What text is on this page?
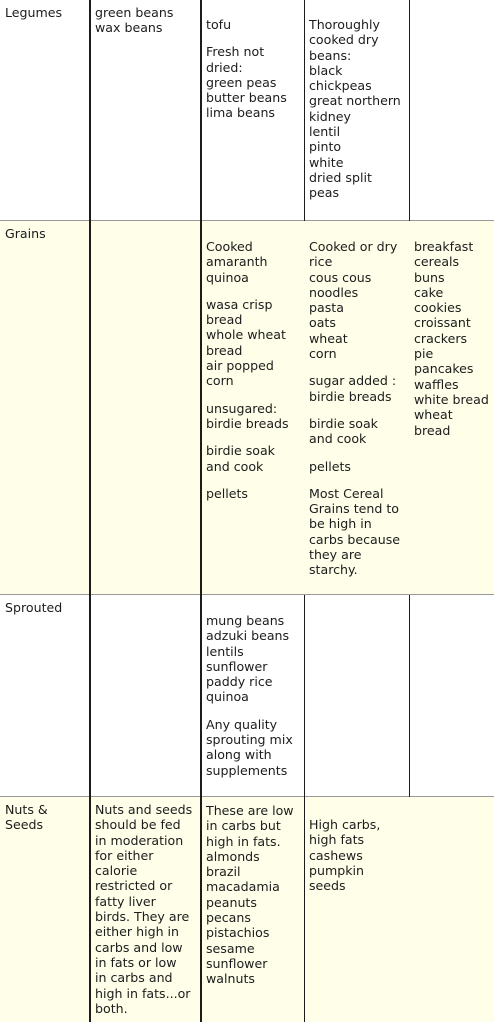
Legumes	green beans
wax beans	tofu
Fresh not
dried:
green peas
butter beans
lima beans
Thoroughly
cooked dry
beans:
black
chickpeas
great northern
kidney
lentil
pinto
white
dried split
peas
Grains
Cooked
amaranth
quinoa
wasa crisp
bread
whole wheat
bread
air popped
corn
unsugared:
birdie breads
birdie soak
and cook
pellets
Cooked or dry
rice
cous cous
noodles
pasta
oats
wheat
corn
sugar added :
birdie breads
birdie soak
and cook
pellets
Most Cereal
Grains tend to
be high in
carbs because
they are
starchy.
breakfast
cereals
buns
cake
cookies
croissant
crackers
pie
pancakes
waffles
white bread
wheat
bread
Sprouted
mung beans
adzuki beans
lentils
sunflower
paddy rice
quinoa
Any quality
sprouting mix
along with
supplements
Nuts & Seeds
Nuts and seeds
should be fed
in moderation
for either
calorie
restricted or
fatty liver
birds. They are
either high in
carbs and low
in fats or low
in carbs and
high in fats...or
both.
These are low
in carbs but
high in fats.
almonds
brazil
macadamia
peanuts
pecans
pistachios
sesame
sunflower
walnuts
High carbs,
high fats
cashews
pumpkin
seeds
